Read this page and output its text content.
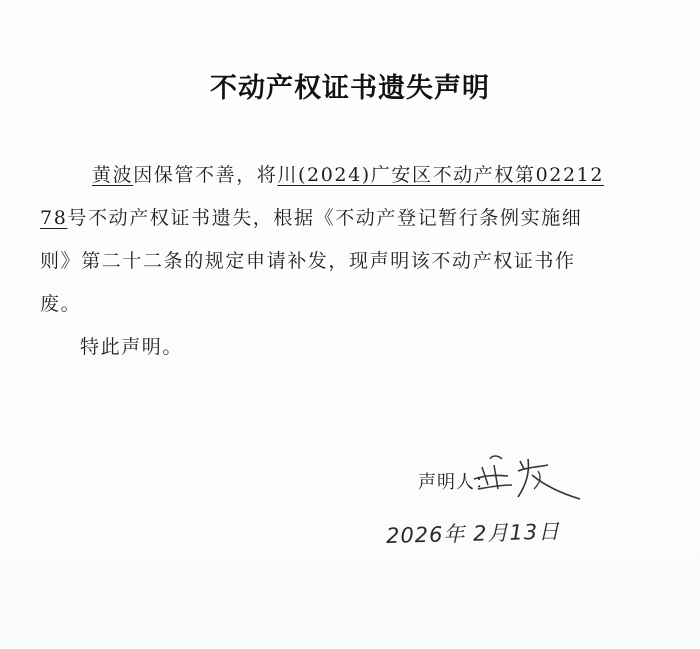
不动产权证书遗失声明
黄波因保管不善，将川(2024)广安区不动产权第02212
78号不动产权证书遗失，根据《不动产登记暂行条例实施细
则》第二十二条的规定申请补发，现声明该不动产权证书作
废。
特此声明。
声明人：
2026年 2月13日
